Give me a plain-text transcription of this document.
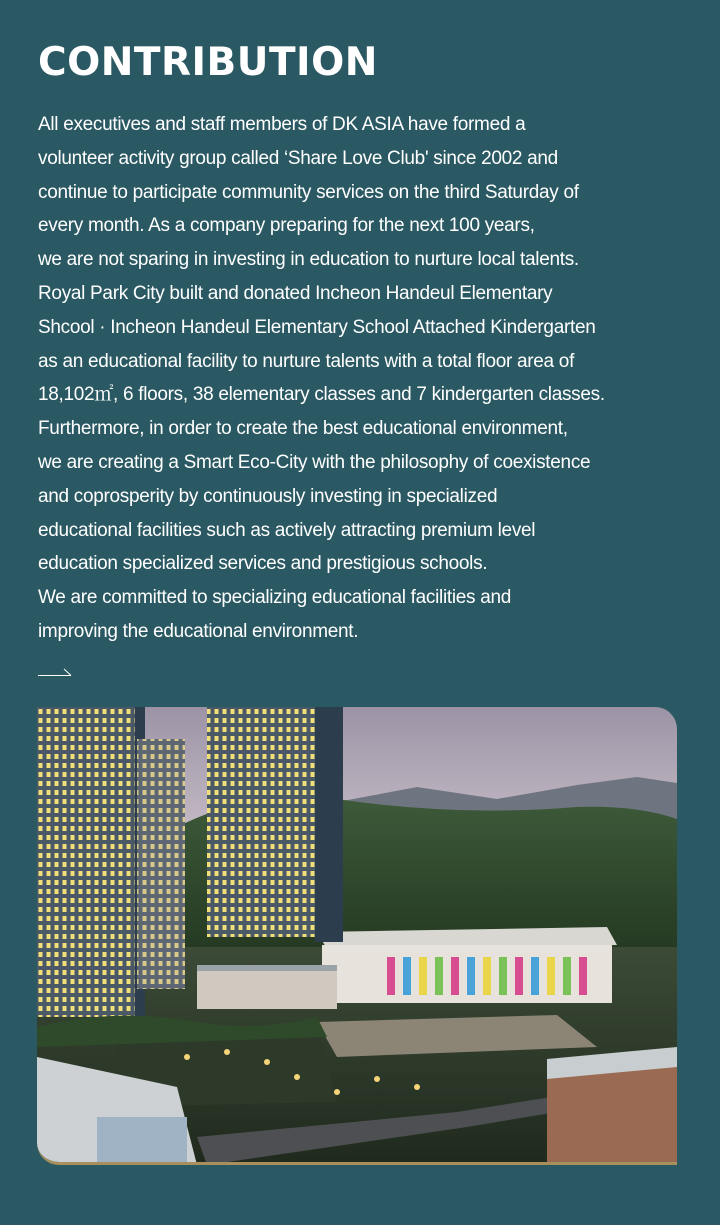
CONTRIBUTION
All executives and staff members of DK ASIA have formed a
volunteer activity group called ‘Share Love Club' since 2002 and
continue to participate community services on the third Saturday of
every month. As a company preparing for the next 100 years,
we are not sparing in investing in education to nurture local talents.
Royal Park City built and donated Incheon Handeul Elementary
Shcool · Incheon Handeul Elementary School Attached Kindergarten
as an educational facility to nurture talents with a total floor area of
18,102㎡, 6 floors, 38 elementary classes and 7 kindergarten classes.
Furthermore, in order to create the best educational environment,
we are creating a Smart Eco-City with the philosophy of coexistence
and coprosperity by continuously investing in specialized
educational facilities such as actively attracting premium level
education specialized services and prestigious schools.
We are committed to specializing educational facilities and
improving the educational environment.
